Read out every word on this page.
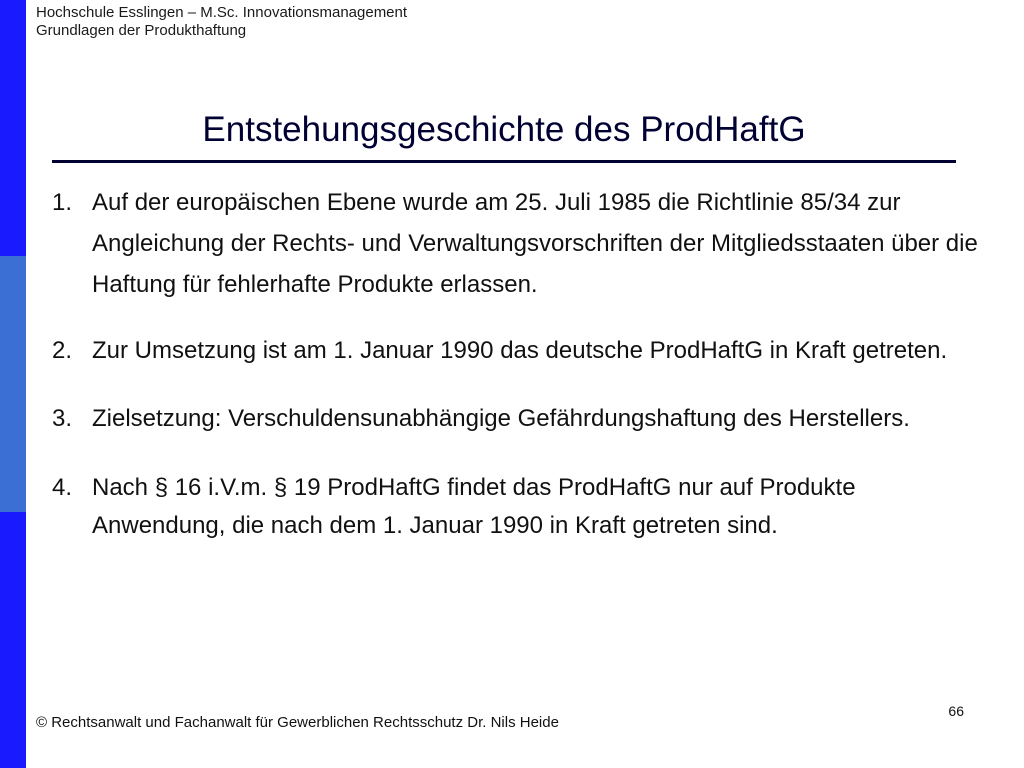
Hochschule Esslingen – M.Sc. Innovationsmanagement
Grundlagen der Produkthaftung
Entstehungsgeschichte des ProdHaftG
1. Auf der europäischen Ebene wurde am 25. Juli 1985 die Richtlinie 85/34 zur Angleichung der Rechts- und Verwaltungsvorschriften der Mitgliedsstaaten über die Haftung für fehlerhafte Produkte erlassen.
2. Zur Umsetzung ist am 1. Januar 1990 das deutsche ProdHaftG in Kraft getreten.
3. Zielsetzung: Verschuldensunabhängige Gefährdungshaftung des Herstellers.
4. Nach § 16 i.V.m. § 19 ProdHaftG findet das ProdHaftG nur auf Produkte Anwendung, die nach dem 1. Januar 1990 in Kraft getreten sind.
© Rechtsanwalt und Fachanwalt für Gewerblichen Rechtsschutz Dr. Nils Heide
66
